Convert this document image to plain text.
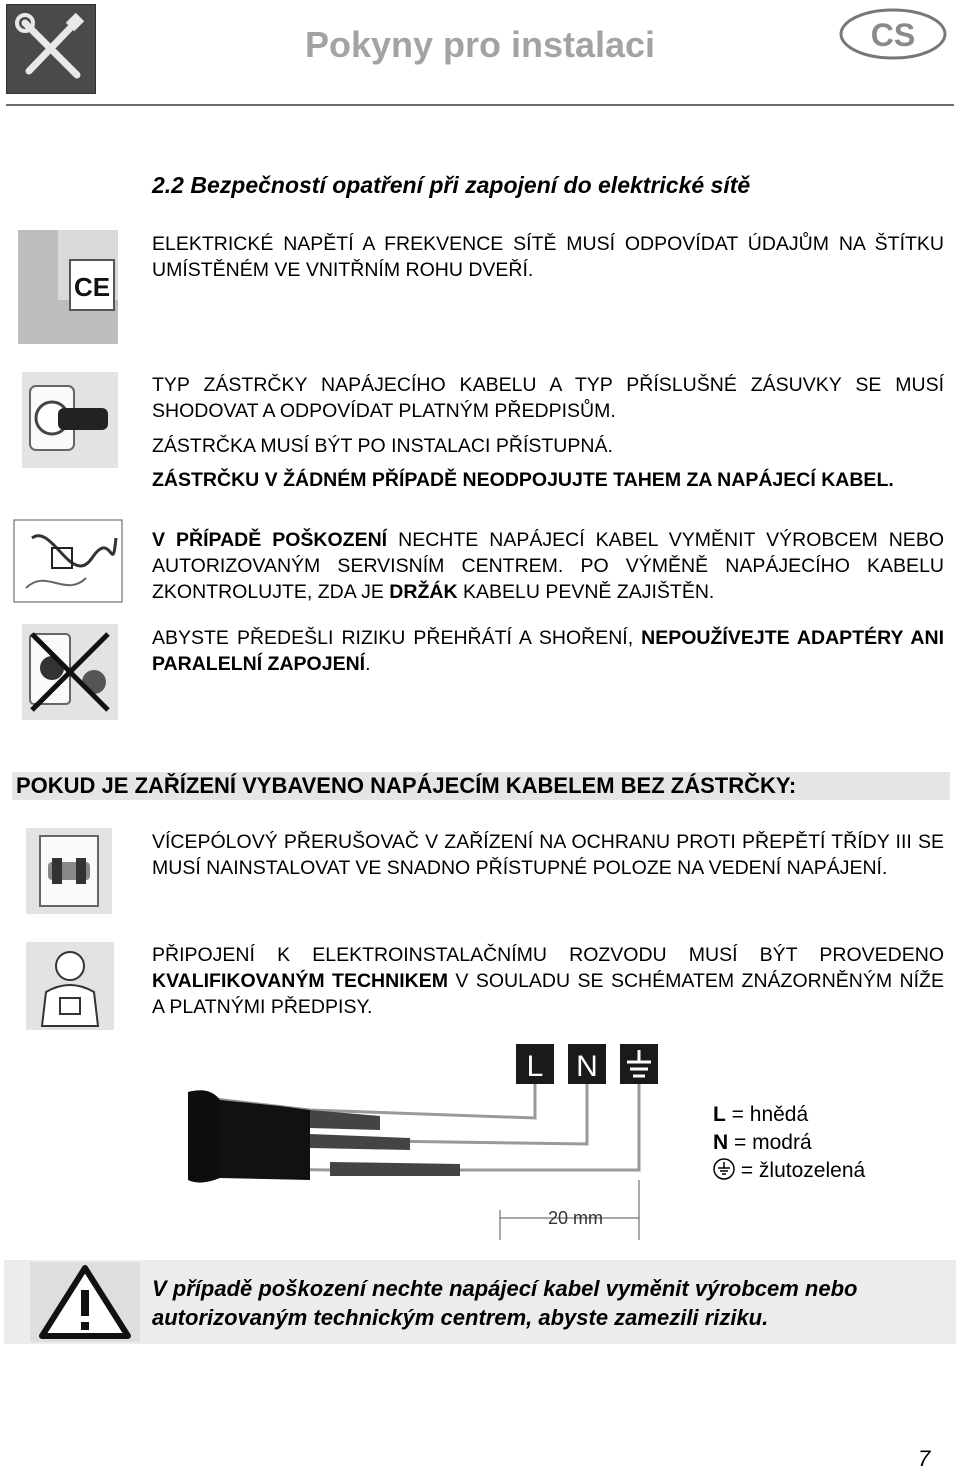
Pokyny pro instalaci	CS
2.2 Bezpečností opatření při zapojení do elektrické sítě
CE
ELEKTRICKÉ NAPĚTÍ A FREKVENCE SÍTĚ MUSÍ ODPOVÍDAT ÚDAJŮM NA ŠTÍTKU UMÍSTĚNÉM VE VNITŘNÍM ROHU DVEŘÍ.
TYP ZÁSTRČKY NAPÁJECÍHO KABELU A TYP PŘÍSLUŠNÉ ZÁSUVKY SE MUSÍ SHODOVAT A ODPOVÍDAT PLATNÝM PŘEDPISŮM.
ZÁSTRČKA MUSÍ BÝT PO INSTALACI PŘÍSTUPNÁ.
ZÁSTRČKU V ŽÁDNÉM PŘÍPADĚ NEODPOJUJTE TAHEM ZA NAPÁJECÍ KABEL.
V PŘÍPADĚ POŠKOZENÍ NECHTE NAPÁJECÍ KABEL VYMĚNIT VÝROBCEM NEBO AUTORIZOVANÝM SERVISNÍM CENTREM. PO VÝMĚNĚ NAPÁJECÍHO KABELU ZKONTROLUJTE, ZDA JE DRŽÁK KABELU PEVNĚ ZAJIŠTĚN.
ABYSTE PŘEDEŠLI RIZIKU PŘEHŘÁTÍ A SHOŘENÍ, NEPOUŽÍVEJTE ADAPTÉRY ANI PARALELNÍ ZAPOJENÍ.
POKUD JE ZAŘÍZENÍ VYBAVENO NAPÁJECÍM KABELEM BEZ ZÁSTRČKY:
VÍCEPÓLOVÝ PŘERUŠOVAČ V ZAŘÍZENÍ NA OCHRANU PROTI PŘEPĚTÍ TŘÍDY III SE MUSÍ NAINSTALOVAT VE SNADNO PŘÍSTUPNÉ POLOZE NA VEDENÍ NAPÁJENÍ.
PŘIPOJENÍ K ELEKTROINSTALAČNÍMU ROZVODU MUSÍ BÝT PROVEDENO KVALIFIKOVANÝM TECHNIKEM V SOULADU SE SCHÉMATEM ZNÁZORNĚNÝM NÍŽE A PLATNÝMI PŘEDPISY.
L N
20 mm
L = hnědá
N = modrá
= žlutozelená
V případě poškození nechte napájecí kabel vyměnit výrobcem nebo autorizovaným technickým centrem, abyste zamezili riziku.
7
